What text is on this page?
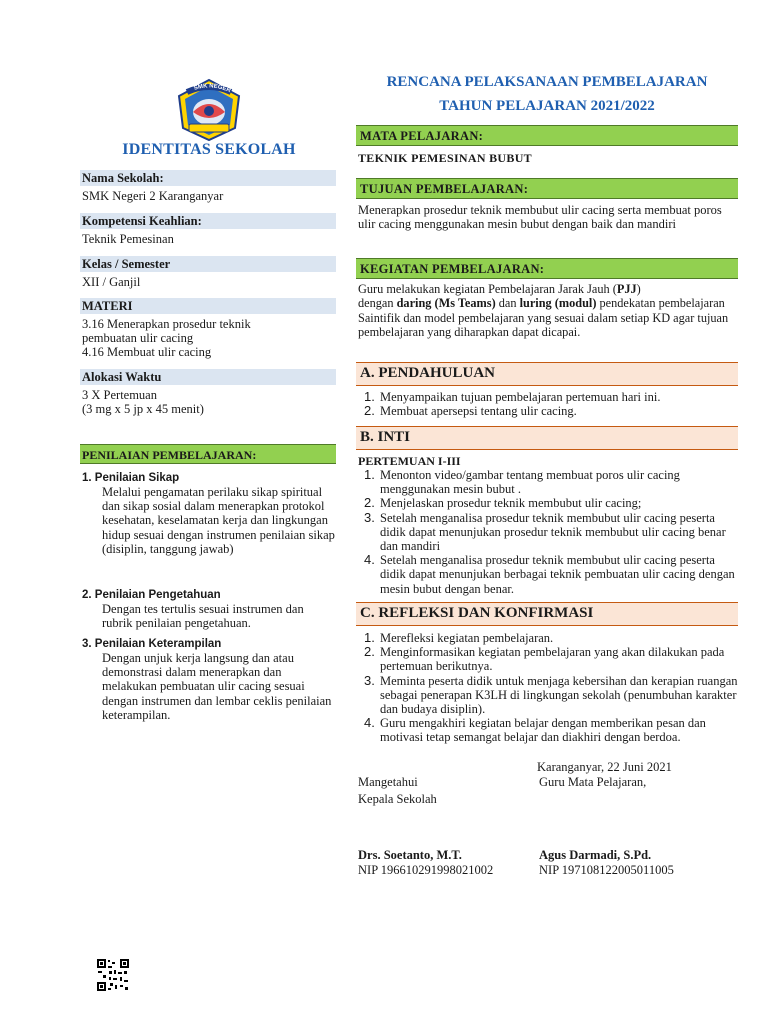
SMK NEGER
IDENTITAS SEKOLAH
Nama Sekolah:
SMK Negeri 2 Karanganyar
Kompetensi Keahlian:
Teknik Pemesinan
Kelas / Semester
XII / Ganjil
MATERI
3.16 Menerapkan prosedur teknik
pembuatan ulir cacing
4.16 Membuat ulir cacing
Alokasi Waktu
3 X Pertemuan
(3 mg x 5 jp x 45 menit)
PENILAIAN PEMBELAJARAN:
1. Penilaian Sikap
Melalui pengamatan perilaku sikap spiritual dan sikap sosial dalam menerapkan protokol kesehatan, keselamatan kerja dan lingkungan hidup sesuai dengan instrumen penilaian sikap (disiplin, tanggung jawab)
2. Penilaian Pengetahuan
Dengan tes tertulis sesuai instrumen dan rubrik penilaian pengetahuan.
3. Penilaian Keterampilan
Dengan unjuk kerja langsung dan atau demonstrasi dalam menerapkan dan melakukan pembuatan ulir cacing sesuai dengan instrumen dan lembar ceklis penilaian keterampilan.
RENCANA PELAKSANAAN PEMBELAJARAN
TAHUN PELAJARAN 2021/2022
MATA PELAJARAN:
TEKNIK PEMESINAN BUBUT
TUJUAN PEMBELAJARAN:
Menerapkan prosedur teknik membubut ulir cacing serta membuat poros ulir cacing menggunakan mesin bubut dengan baik dan mandiri
KEGIATAN PEMBELAJARAN:
Guru melakukan kegiatan Pembelajaran Jarak Jauh (PJJ)
dengan daring (Ms Teams) dan luring (modul) pendekatan pembelajaran Saintifik dan model pembelajaran yang sesuai dalam setiap KD agar tujuan pembelajaran yang diharapkan dapat dicapai.
A. PENDAHULUAN
1. Menyampaikan tujuan pembelajaran pertemuan hari ini.
2. Membuat apersepsi tentang ulir cacing.
B. INTI
PERTEMUAN I-III
1. Menonton video/gambar tentang membuat poros ulir cacing menggunakan mesin bubut .
2. Menjelaskan prosedur teknik membubut ulir cacing;
3. Setelah menganalisa prosedur teknik membubut ulir cacing peserta didik dapat menunjukan prosedur teknik membubut ulir cacing benar dan mandiri
4. Setelah menganalisa prosedur teknik membubut ulir cacing peserta didik dapat menunjukan berbagai teknik pembuatan ulir cacing dengan mesin bubut dengan benar.
C. REFLEKSI DAN KONFIRMASI
1. Merefleksi kegiatan pembelajaran.
2. Menginformasikan kegiatan pembelajaran yang akan dilakukan pada pertemuan berikutnya.
3. Meminta peserta didik untuk menjaga kebersihan dan kerapian ruangan sebagai penerapan K3LH di lingkungan sekolah (penumbuhan karakter dan budaya disiplin).
4. Guru mengakhiri kegiatan belajar dengan memberikan pesan dan motivasi tetap semangat belajar dan diakhiri dengan berdoa.
Karanganyar, 22 Juni 2021
Mangetahui	Guru Mata Pelajaran,
Kepala Sekolah
Drs. Soetanto, M.T.
NIP 196610291998021002
Agus Darmadi, S.Pd.
NIP 197108122005011005
